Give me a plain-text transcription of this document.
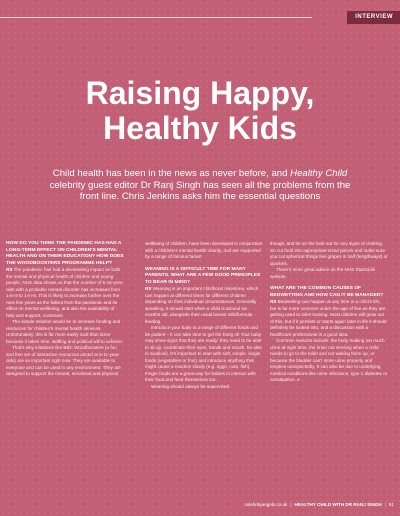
INTERVIEW
Raising Happy,
Healthy Kids

Child health has been in the news as never before, and Healthy Child celebrity guest editor Dr Ranj Singh has seen all the problems from the front line. Chris Jenkins asks him the essential questions

HOW DO YOU THINK THE PANDEMIC HAS HAD A LONG-TERM EFFECT ON CHILDREN'S MENTAL HEALTH AND ON THEIR EDUCATION? HOW DOES THE WOODBOOSTERS PROGRAMME HELP?

RS The pandemic has had a devastating impact on both the mental and physical health of children and young people. NHS data shows us that the number of 5-16-year-olds with a probable mental disorder has increased from 1-in-9 to 1-in-6. This is likely to increase further over the next few years as the fallout from the pandemic and its effect on mental wellbeing, and also the availability of help and support, continues.

The simple solution would be to increase funding and resources for children's mental health services. Unfortunately, this is far more easily said than done because it takes time, staffing and political will to achieve.

That's why initiatives like BBC Woodboosters (a fun and free set of interactive resources aimed at 5-11-year-olds) are so important right now. They are available to everyone and can be used in any environment. They are designed to support the mental, emotional and physical

wellbeing of children, have been developed in conjunction with a children's mental health charity, and are supported by a range of famous faces!

WEANING IS A DIFFICULT TIME FOR MANY PARENTS. WHAT ARE A FEW GOOD PRINCIPLES TO BEAR IN MIND?

RS Weaning is an important childhood milestone, which can happen at different times for different children depending on their individual circumstances. Generally speaking, it should start when a child is around six months old, alongside their usual breast milk/formula feeding.

Introduce your baby to a range of different foods and be patient – it can take time to get the hang of! Your baby may show signs that they are ready: they need to be able to sit up, coordinate their eyes, hands and mouth, be able to swallow). It's important to start with soft, simple, single foods (vegetables or fruit) and introduce anything that might cause a reaction slowly (e.g. eggs, nuts, fish). Finger foods are a great way for babies to interact with their food and feed themselves too.

Weaning should always be supervised

though, and be on the look-out for any signs of choking. So cut food into appropriate-sized pieces and make sure you cut spherical things like grapes in half (lengthways) or quarters.

There's more great advice on the NHS Start4Life website.

WHAT ARE THE COMMON CAUSES OF BEDWETTING AND HOW CAN IT BE MANAGED?

RS Bedwetting can happen at any time in a child's life, but is far more common under the age of five as they are getting used to toilet training. Most children will grow out of this, but if it persists or starts again later in life it should definitely be looked into, and a discussion with a healthcare professional is a good idea.

Common reasons include: the body making too much urine at night time, the brain not sensing when a child needs to go to the toilet and not waking them up, or because the bladder can't store urine properly and empties unexpectedly. It can also be due to underlying medical conditions like urine infections, type 1 diabetes or constipation. »

celebrityangels.co.uk | HEALTHY CHILD WITH DR RANJ SINGH | 51
